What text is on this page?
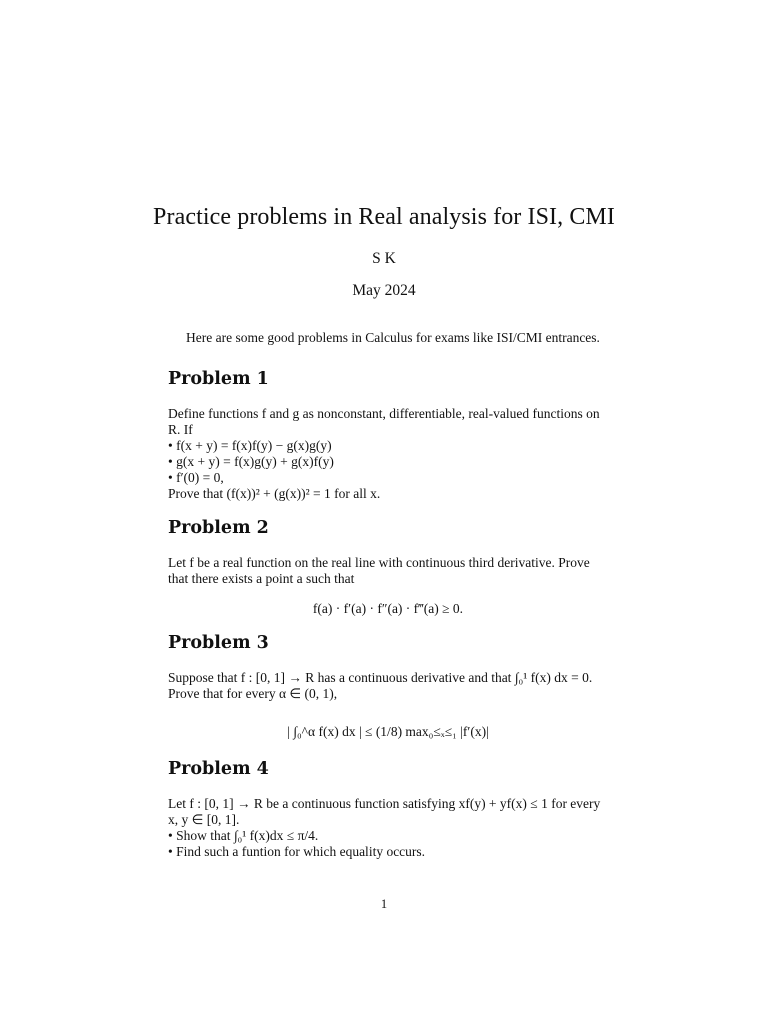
Practice problems in Real analysis for ISI, CMI
S K
May 2024
Here are some good problems in Calculus for exams like ISI/CMI entrances.
Problem 1
Define functions f and g as nonconstant, differentiable, real-valued functions on R. If
• f(x + y) = f(x)f(y) − g(x)g(y)
• g(x + y) = f(x)g(y) + g(x)f(y)
• f′(0) = 0,
Prove that (f(x))² + (g(x))² = 1 for all x.
Problem 2
Let f be a real function on the real line with continuous third derivative. Prove that there exists a point a such that
f(a) · f′(a) · f″(a) · f‴(a) ≥ 0.
Problem 3
Suppose that f : [0, 1] → R has a continuous derivative and that ∫₀¹ f(x) dx = 0.
Prove that for every α ∈ (0, 1),
| ∫₀^α f(x) dx | ≤ (1/8) max₀≤ₓ≤₁ |f′(x)|
Problem 4
Let f : [0, 1] → R be a continuous function satisfying xf(y) + yf(x) ≤ 1 for every x, y ∈ [0, 1].
• Show that ∫₀¹ f(x)dx ≤ π/4.
• Find such a funtion for which equality occurs.
1
